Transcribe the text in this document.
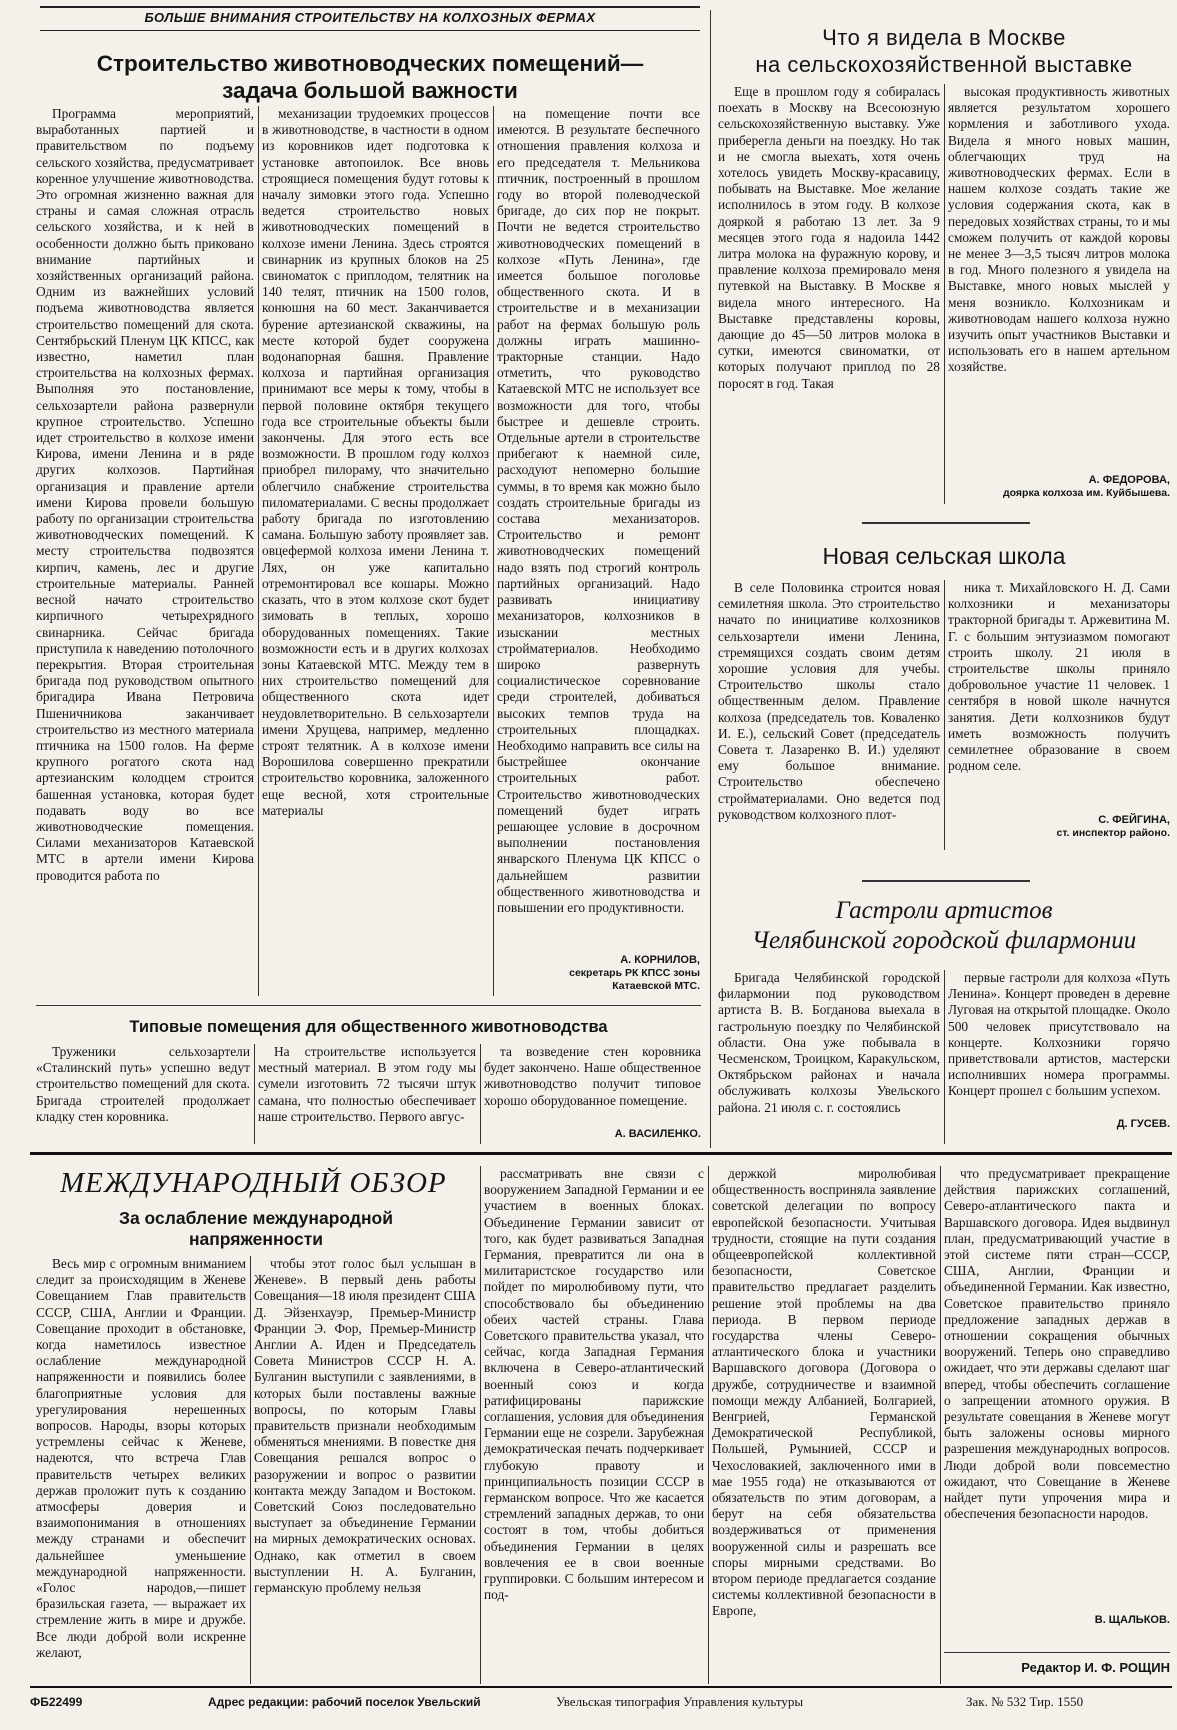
БОЛЬШЕ ВНИМАНИЯ СТРОИТЕЛЬСТВУ НА КОЛХОЗНЫХ ФЕРМАХ
Строительство животноводческих помещений—
задача большой важности

Программа мероприятий, выработанных партией и правительством по подъему сельского хозяйства, предусматривает коренное улучшение животноводства. Это огромная жизненно важная для страны и самая сложная отрасль сельского хозяйства, и к ней в особенности должно быть приковано внимание партийных и хозяйственных организаций района. Одним из важнейших условий подъема животноводства является строительство помещений для скота. Сентябрьский Пленум ЦК КПСС, как известно, наметил план строительства на колхозных фермах. Выполняя это постановление, сельхозартели района развернули крупное строительство. Успешно идет строительство в колхозе имени Кирова, имени Ленина и в ряде других колхозов. Партийная организация и правление артели имени Кирова провели большую работу по организации строительства животноводческих помещений. К месту строительства подвозятся кирпич, камень, лес и другие строительные материалы. Ранней весной начато строительство кирпичного четырехрядного свинарника. Сейчас бригада приступила к наведению потолочного перекрытия. Вторая строительная бригада под руководством опытного бригадира Ивана Петровича Пшеничникова заканчивает строительство из местного материала птичника на 1500 голов. На ферме крупного рогатого скота над артезианским колодцем строится башенная установка, которая будет подавать воду во все животноводческие помещения. Силами механизаторов Катаевской МТС в артели имени Кирова проводится работа по

механизации трудоемких процессов в животноводстве, в частности в одном из коровников идет подготовка к установке автопоилок. Все вновь строящиеся помещения будут готовы к началу зимовки этого года. Успешно ведется строительство новых животноводческих помещений в колхозе имени Ленина. Здесь строятся свинарник из крупных блоков на 25 свиноматок с приплодом, телятник на 140 телят, птичник на 1500 голов, конюшня на 60 мест. Заканчивается бурение артезианской скважины, на месте которой будет сооружена водонапорная башня. Правление колхоза и партийная организация принимают все меры к тому, чтобы в первой половине октября текущего года все строительные объекты были закончены. Для этого есть все возможности. В прошлом году колхоз приобрел пилораму, что значительно облегчило снабжение строительства пиломатериалами. С весны продолжает работу бригада по изготовлению самана. Большую заботу проявляет зав. овцефермой колхоза имени Ленина т. Лях, он уже капитально отремонтировал все кошары. Можно сказать, что в этом колхозе скот будет зимовать в теплых, хорошо оборудованных помещениях. Такие возможности есть и в других колхозах зоны Катаевской МТС. Между тем в них строительство помещений для общественного скота идет неудовлетворительно. В сельхозартели имени Хрущева, например, медленно строят телятник. А в колхозе имени Ворошилова совершенно прекратили строительство коровника, заложенного еще весной, хотя строительные материалы

на помещение почти все имеются. В результате беспечного отношения правления колхоза и его председателя т. Мельникова птичник, построенный в прошлом году во второй полеводческой бригаде, до сих пор не покрыт. Почти не ведется строительство животноводческих помещений в колхозе «Путь Ленина», где имеется большое поголовье общественного скота. И в строительстве и в механизации работ на фермах большую роль должны играть машинно-тракторные станции. Надо отметить, что руководство Катаевской МТС не использует все возможности для того, чтобы быстрее и дешевле строить. Отдельные артели в строительстве прибегают к наемной силе, расходуют непомерно большие суммы, в то время как можно было создать строительные бригады из состава механизаторов. Строительство и ремонт животноводческих помещений надо взять под строгий контроль партийных организаций. Надо развивать инициативу механизаторов, колхозников в изыскании местных стройматериалов. Необходимо широко развернуть социалистическое соревнование среди строителей, добиваться высоких темпов труда на строительных площадках. Необходимо направить все силы на быстрейшее окончание строительных работ. Строительство животноводческих помещений будет играть решающее условие в досрочном выполнении постановления январского Пленума ЦК КПСС о дальнейшем развитии общественного животноводства и повышении его продуктивности.

А. КОРНИЛОВ,
секретарь РК КПСС зоны
Катаевской МТС.
Типовые помещения для общественного животноводства

Труженики сельхозартели «Сталинский путь» успешно ведут строительство помещений для скота. Бригада строителей продолжает кладку стен коровника.

На строительстве используется местный материал. В этом году мы сумели изготовить 72 тысячи штук самана, что полностью обеспечивает наше строительство. Первого авгус-

та возведение стен коровника будет закончено. Наше общественное животноводство получит типовое хорошо оборудованное помещение.

А. ВАСИЛЕНКО.
Что я видела в Москве
на сельскохозяйственной выставке

Еще в прошлом году я собиралась поехать в Москву на Всесоюзную сельскохозяйственную выставку. Уже приберегла деньги на поездку. Но так и не смогла выехать, хотя очень хотелось увидеть Москву-красавицу, побывать на Выставке. Мое желание исполнилось в этом году. В колхозе дояркой я работаю 13 лет. За 9 месяцев этого года я надоила 1442 литра молока на фуражную корову, и правление колхоза премировало меня путевкой на Выставку. В Москве я видела много интересного. На Выставке представлены коровы, дающие до 45—50 литров молока в сутки, имеются свиноматки, от которых получают приплод по 28 поросят в год. Такая

высокая продуктивность животных является результатом хорошего кормления и заботливого ухода. Видела я много новых машин, облегчающих труд на животноводческих фермах. Если в нашем колхозе создать такие же условия содержания скота, как в передовых хозяйствах страны, то и мы сможем получить от каждой коровы не менее 3—3,5 тысяч литров молока в год. Много полезного я увидела на Выставке, много новых мыслей у меня возникло. Колхозникам и животноводам нашего колхоза нужно изучить опыт участников Выставки и использовать его в нашем артельном хозяйстве.

А. ФЕДОРОВА,
доярка колхоза им. Куйбышева.
Новая сельская школа

В селе Половинка строится новая семилетняя школа. Это строительство начато по инициативе колхозников сельхозартели имени Ленина, стремящихся создать своим детям хорошие условия для учебы. Строительство школы стало общественным делом. Правление колхоза (председатель тов. Коваленко И. Е.), сельский Совет (председатель Совета т. Лазаренко В. И.) уделяют ему большое внимание. Строительство обеспечено стройматериалами. Оно ведется под руководством колхозного плот-

ника т. Михайловского Н. Д. Сами колхозники и механизаторы тракторной бригады т. Аржевитина М. Г. с большим энтузиазмом помогают строить школу. 21 июля в строительстве школы приняло добровольное участие 11 человек. 1 сентября в новой школе начнутся занятия. Дети колхозников будут иметь возможность получить семилетнее образование в своем родном селе.

С. ФЕЙГИНА,
ст. инспектор районо.
Гастроли артистов
Челябинской городской филармонии

Бригада Челябинской городской филармонии под руководством артиста В. В. Богданова выехала в гастрольную поездку по Челябинской области. Она уже побывала в Чесменском, Троицком, Каракульском, Октябрьском районах и начала обслуживать колхозы Увельского района. 21 июля с. г. состоялись

первые гастроли для колхоза «Путь Ленина». Концерт проведен в деревне Луговая на открытой площадке. Около 500 человек присутствовало на концерте. Колхозники горячо приветствовали артистов, мастерски исполнивших номера программы. Концерт прошел с большим успехом.

Д. ГУСЕВ.
МЕЖДУНАРОДНЫЙ ОБЗОР
За ослабление международной
напряженности

Весь мир с огромным вниманием следит за происходящим в Женеве Совещанием Глав правительств СССР, США, Англии и Франции. Совещание проходит в обстановке, когда наметилось известное ослабление международной напряженности и появились более благоприятные условия для урегулирования нерешенных вопросов. Народы, взоры которых устремлены сейчас к Женеве, надеются, что встреча Глав правительств четырех великих держав проложит путь к созданию атмосферы доверия и взаимопонимания в отношениях между странами и обеспечит дальнейшее уменьшение международной напряженности. «Голос народов,—пишет бразильская газета, — выражает их стремление жить в мире и дружбе. Все люди доброй воли искренне желают,

чтобы этот голос был услышан в Женеве». В первый день работы Совещания—18 июля президент США Д. Эйзенхауэр, Премьер-Министр Франции Э. Фор, Премьер-Министр Англии А. Иден и Председатель Совета Министров СССР Н. А. Булганин выступили с заявлениями, в которых были поставлены важные вопросы, по которым Главы правительств признали необходимым обменяться мнениями. В повестке дня Совещания решался вопрос о разоружении и вопрос о развитии контакта между Западом и Востоком. Советский Союз последовательно выступает за объединение Германии на мирных демократических основах. Однако, как отметил в своем выступлении Н. А. Булганин, германскую проблему нельзя

рассматривать вне связи с вооружением Западной Германии и ее участием в военных блоках. Объединение Германии зависит от того, как будет развиваться Западная Германия, превратится ли она в милитаристское государство или пойдет по миролюбивому пути, что способствовало бы объединению обеих частей страны. Глава Советского правительства указал, что сейчас, когда Западная Германия включена в Северо-атлантический военный союз и когда ратифицированы парижские соглашения, условия для объединения Германии еще не созрели. Зарубежная демократическая печать подчеркивает глубокую правоту и принципиальность позиции СССР в германском вопросе. Что же касается стремлений западных держав, то они состоят в том, чтобы добиться объединения Германии в целях вовлечения ее в свои военные группировки. С большим интересом и под-

держкой миролюбивая общественность восприняла заявление советской делегации по вопросу европейской безопасности. Учитывая трудности, стоящие на пути создания общеевропейской коллективной безопасности, Советское правительство предлагает разделить решение этой проблемы на два периода. В первом периоде государства члены Северо-атлантического блока и участники Варшавского договора (Договора о дружбе, сотрудничестве и взаимной помощи между Албанией, Болгарией, Венгрией, Германской Демократической Республикой, Польшей, Румынией, СССР и Чехословакией, заключенного ими в мае 1955 года) не отказываются от обязательств по этим договорам, а берут на себя обязательства воздерживаться от применения вооруженной силы и разрешать все споры мирными средствами. Во втором периоде предлагается создание системы коллективной безопасности в Европе,

что предусматривает прекращение действия парижских соглашений, Северо-атлантического пакта и Варшавского договора. Идея выдвинул план, предусматривающий участие в этой системе пяти стран—СССР, США, Англии, Франции и объединенной Германии. Как известно, Советское правительство приняло предложение западных держав в отношении сокращения обычных вооружений. Теперь оно справедливо ожидает, что эти державы сделают шаг вперед, чтобы обеспечить соглашение о запрещении атомного оружия. В результате совещания в Женеве могут быть заложены основы мирного разрешения международных вопросов. Люди доброй воли повсеместно ожидают, что Совещание в Женеве найдет пути упрочения мира и обеспечения безопасности народов.

В. ЩАЛЬКОВ.
Редактор И. Ф. РОЩИН
ФБ22499	Адрес редакции: рабочий поселок Увельский	Увельская типография Управления культуры	Зак. № 532 Тир. 1550
